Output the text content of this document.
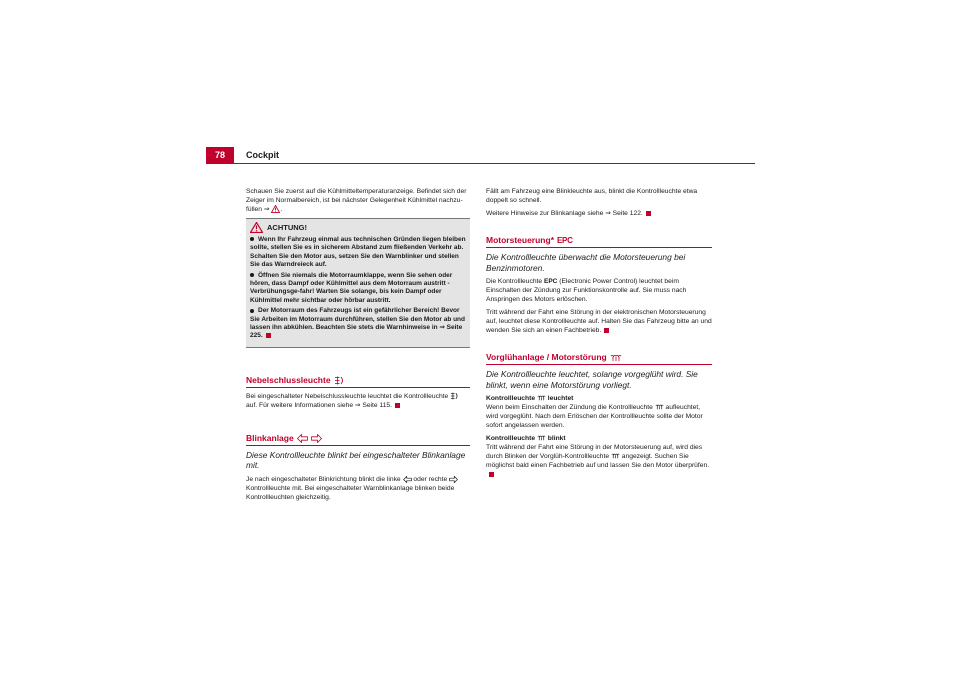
78	Cockpit

Schauen Sie zuerst auf die Kühlmitteltemperaturanzeige. Befindet sich der Zeiger im Normalbereich, ist bei nächster Gelegenheit Kühlmittel nachzu-füllen ⇒ .

ACHTUNG!

Wenn Ihr Fahrzeug einmal aus technischen Gründen liegen bleiben sollte, stellen Sie es in sicherem Abstand zum fließenden Verkehr ab. Schalten Sie den Motor aus, setzen Sie den Warnblinker und stellen Sie das Warndreieck auf.

Öffnen Sie niemals die Motorraumklappe, wenn Sie sehen oder hören, dass Dampf oder Kühlmittel aus dem Motorraum austritt - Verbrühungsge-fahr! Warten Sie solange, bis kein Dampf oder Kühlmittel mehr sichtbar oder hörbar austritt.

Der Motorraum des Fahrzeugs ist ein gefährlicher Bereich! Bevor Sie Arbeiten im Motorraum durchführen, stellen Sie den Motor ab und lassen ihn abkühlen. Beachten Sie stets die Warnhinweise in ⇒ Seite 225.

Nebelschlussleuchte

Bei eingeschalteter Nebelschlussleuchte leuchtet die Kontrollleuchte  auf. Für weitere Informationen siehe ⇒ Seite 115.

Blinkanlage

Diese Kontrollleuchte blinkt bei eingeschalteter Blinkanlage mit.

Je nach eingeschalteter Blinkrichtung blinkt die linke oder rechte  Kontrollleuchte mit. Bei eingeschalteter Warnblinkanlage blinken beide Kontrollleuchten gleichzeitig.

Fällt am Fahrzeug eine Blinkleuchte aus, blinkt die Kontrollleuchte etwa doppelt so schnell.

Weitere Hinweise zur Blinkanlage siehe ⇒ Seite 122.

Motorsteuerung* EPC

Die Kontrollleuchte überwacht die Motorsteuerung bei Benzinmotoren.

Die Kontrollleuchte EPC (Electronic Power Control) leuchtet beim Einschalten der Zündung zur Funktionskontrolle auf. Sie muss nach Anspringen des Motors erlöschen.

Tritt während der Fahrt eine Störung in der elektronischen Motorsteuerung auf, leuchtet diese Kontrollleuchte auf. Halten Sie das Fahrzeug bitte an und wenden Sie sich an einen Fachbetrieb.

Vorglühanlage / Motorstörung

Die Kontrollleuchte leuchtet, solange vorgeglüht wird. Sie blinkt, wenn eine Motorstörung vorliegt.

Kontrollleuchte leuchtet

Wenn beim Einschalten der Zündung die Kontrollleuchte aufleuchtet, wird vorgeglüht. Nach dem Erlöschen der Kontrollleuchte sollte der Motor sofort angelassen werden.

Kontrollleuchte blinkt

Tritt während der Fahrt eine Störung in der Motorsteuerung auf, wird dies durch Blinken der Vorglüh-Kontrollleuchte angezeigt. Suchen Sie möglichst bald einen Fachbetrieb auf und lassen Sie den Motor überprüfen.
